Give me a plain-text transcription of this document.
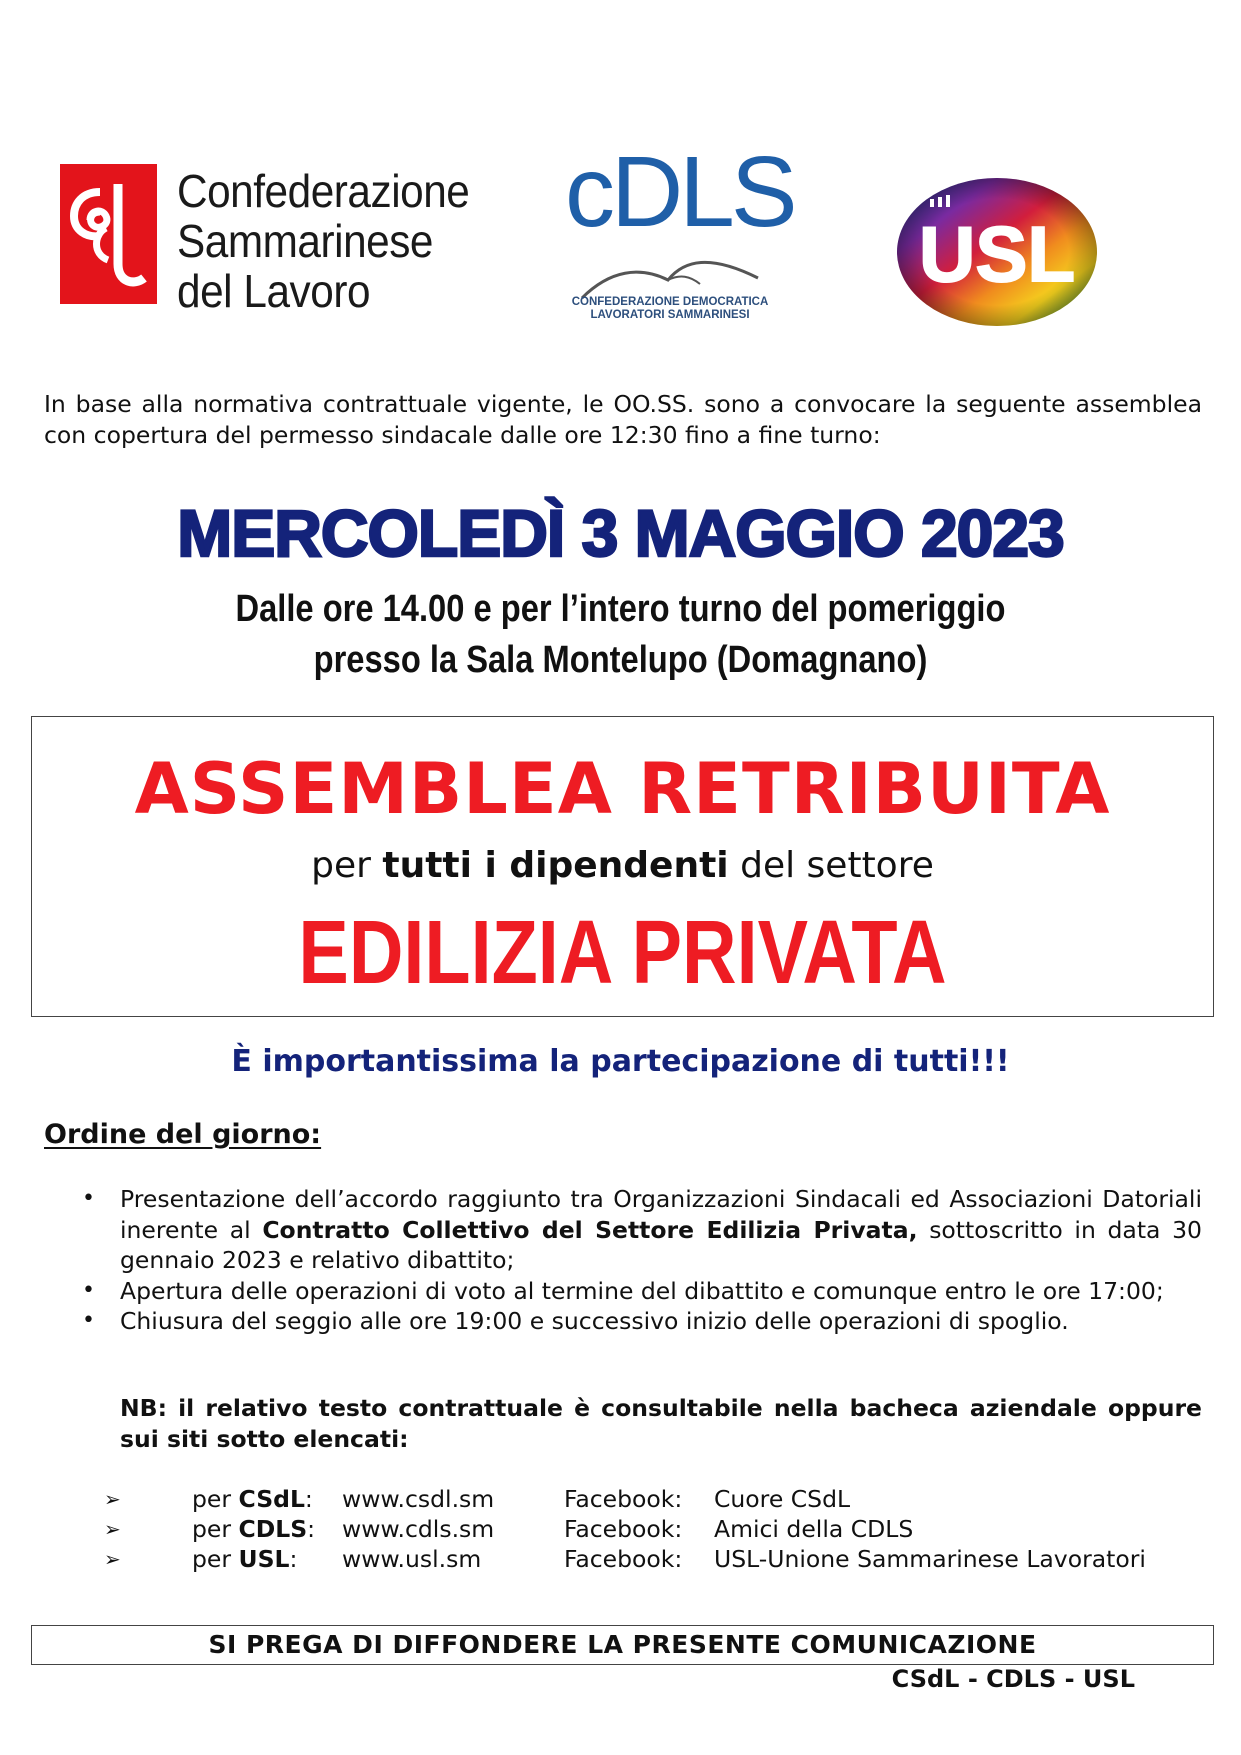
Confederazione
Sammarinese
del Lavoro
cDLS
CONFEDERAZIONE DEMOCRATICA
LAVORATORI SAMMARINESI
USL

In base alla normativa contrattuale vigente, le OO.SS. sono a convocare la seguente assemblea con copertura del permesso sindacale dalle ore 12:30 fino a fine turno:

MERCOLEDÌ 3 MAGGIO 2023
Dalle ore 14.00 e per l’intero turno del pomeriggio
presso la Sala Montelupo (Domagnano)
ASSEMBLEA RETRIBUITA
per tutti i dipendenti del settore
EDILIZIA PRIVATA
È importantissima la partecipazione di tutti!!!
Ordine del giorno:
• Presentazione dell’accordo raggiunto tra Organizzazioni Sindacali ed Associazioni Datoriali inerente al Contratto Collettivo del Settore Edilizia Privata, sottoscritto in data 30 gennaio 2023 e relativo dibattito;
• Apertura delle operazioni di voto al termine del dibattito e comunque entro le ore 17:00;
• Chiusura del seggio alle ore 19:00 e successivo inizio delle operazioni di spoglio.

NB: il relativo testo contrattuale è consultabile nella bacheca aziendale oppure sui siti sotto elencati:

➢	per CSdL: www.csdl.sm	Facebook: Cuore CSdL
➢	per CDLS: www.cdls.sm	Facebook: Amici della CDLS
➢	per USL: www.usl.sm	Facebook: USL-Unione Sammarinese Lavoratori
SI PREGA DI DIFFONDERE LA PRESENTE COMUNICAZIONE
CSdL - CDLS - USL
